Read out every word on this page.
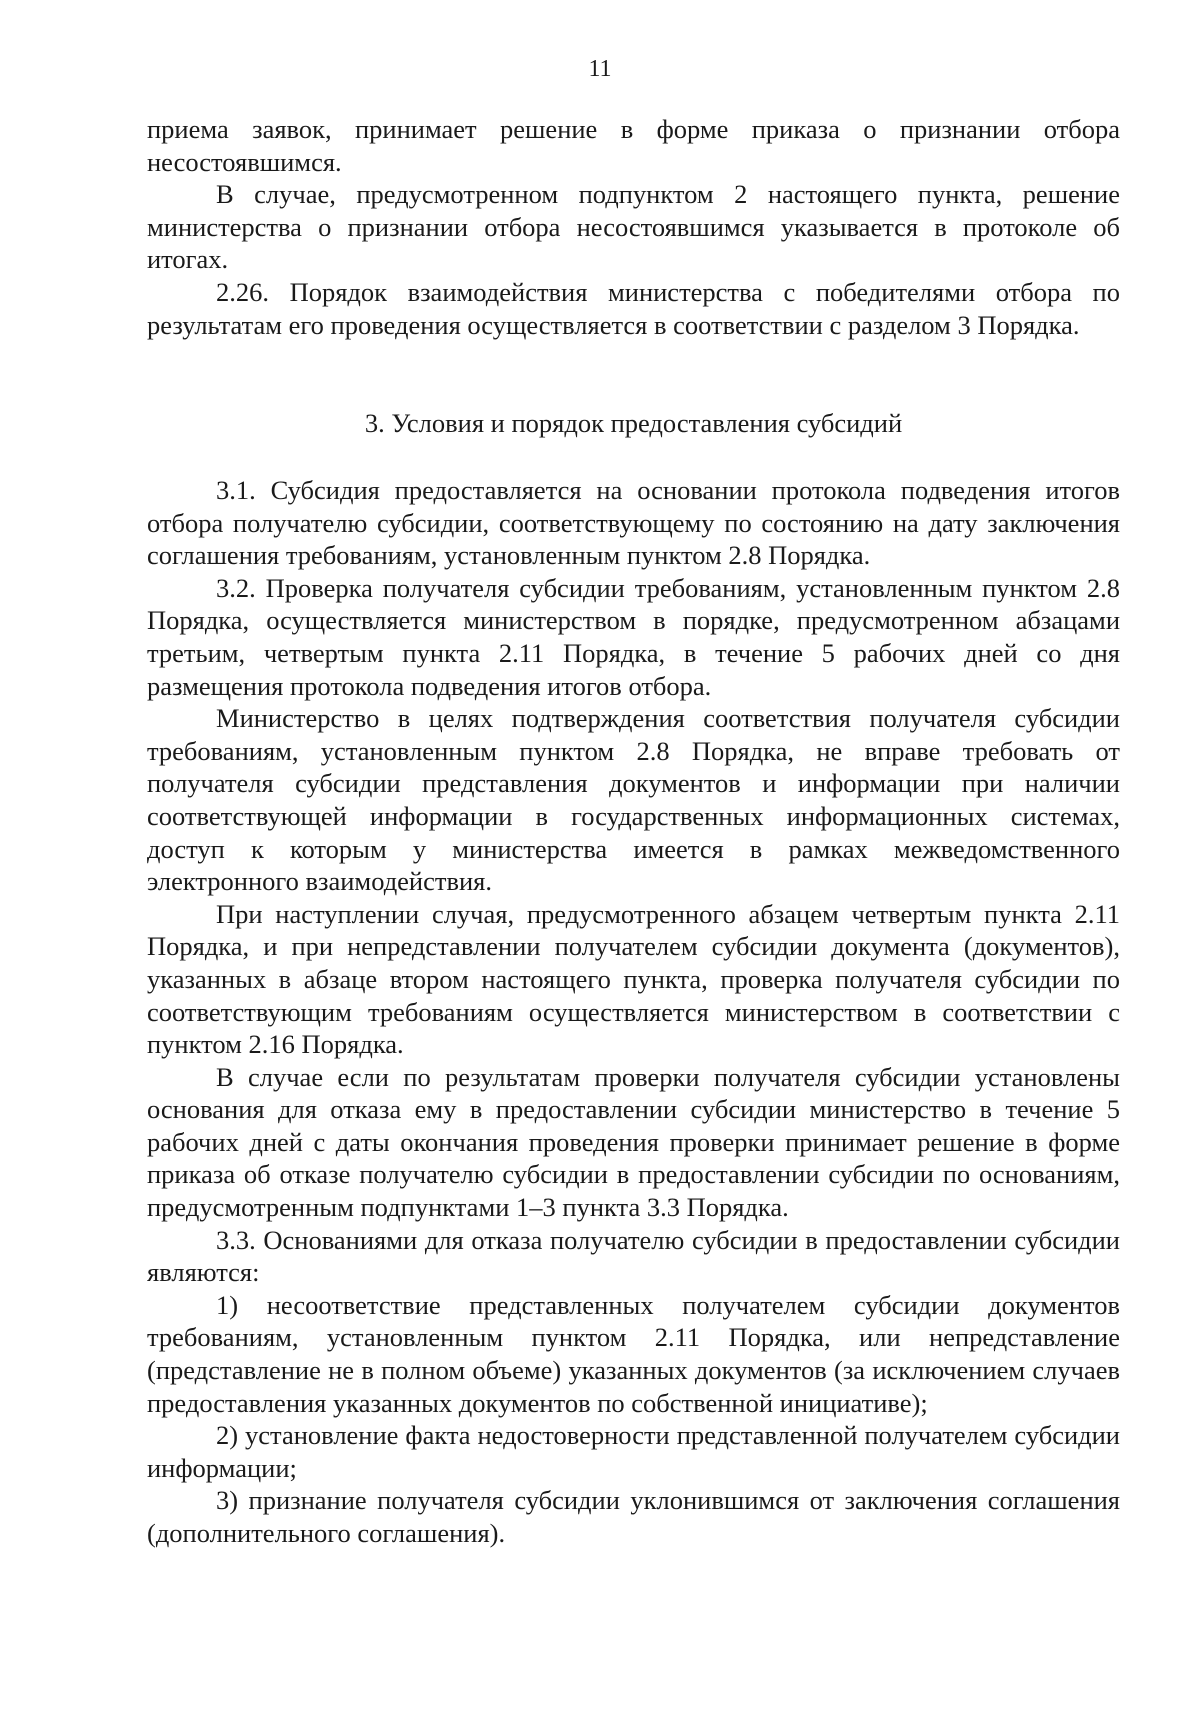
11

приема заявок, принимает решение в форме приказа о признании отбора несостоявшимся.

В случае, предусмотренном подпунктом 2 настоящего пункта, решение министерства о признании отбора несостоявшимся указывается в протоколе об итогах.

2.26. Порядок взаимодействия министерства с победителями отбора по результатам его проведения осуществляется в соответствии с разделом 3 Порядка.

3. Условия и порядок предоставления субсидий

3.1. Субсидия предоставляется на основании протокола подведения итогов отбора получателю субсидии, соответствующему по состоянию на дату заключения соглашения требованиям, установленным пунктом 2.8 Порядка.

3.2. Проверка получателя субсидии требованиям, установленным пунктом 2.8 Порядка, осуществляется министерством в порядке, предусмотренном абзацами третьим, четвертым пункта 2.11 Порядка, в течение 5 рабочих дней со дня размещения протокола подведения итогов отбора.

Министерство в целях подтверждения соответствия получателя субсидии требованиям, установленным пунктом 2.8 Порядка, не вправе требовать от получателя субсидии представления документов и информации при наличии соответствующей информации в государственных информационных системах, доступ к которым у министерства имеется в рамках межведомственного электронного взаимодействия.

При наступлении случая, предусмотренного абзацем четвертым пункта 2.11 Порядка, и при непредставлении получателем субсидии документа (документов), указанных в абзаце втором настоящего пункта, проверка получателя субсидии по соответствующим требованиям осуществляется министерством в соответствии с пунктом 2.16 Порядка.

В случае если по результатам проверки получателя субсидии установлены основания для отказа ему в предоставлении субсидии министерство в течение 5 рабочих дней с даты окончания проведения проверки принимает решение в форме приказа об отказе получателю субсидии в предоставлении субсидии по основаниям, предусмотренным подпунктами 1–3 пункта 3.3 Порядка.

3.3. Основаниями для отказа получателю субсидии в предоставлении субсидии являются:

1) несоответствие представленных получателем субсидии документов требованиям, установленным пунктом 2.11 Порядка, или непредставление (представление не в полном объеме) указанных документов (за исключением случаев предоставления указанных документов по собственной инициативе);

2) установление факта недостоверности представленной получателем субсидии информации;

3) признание получателя субсидии уклонившимся от заключения соглашения (дополнительного соглашения).
